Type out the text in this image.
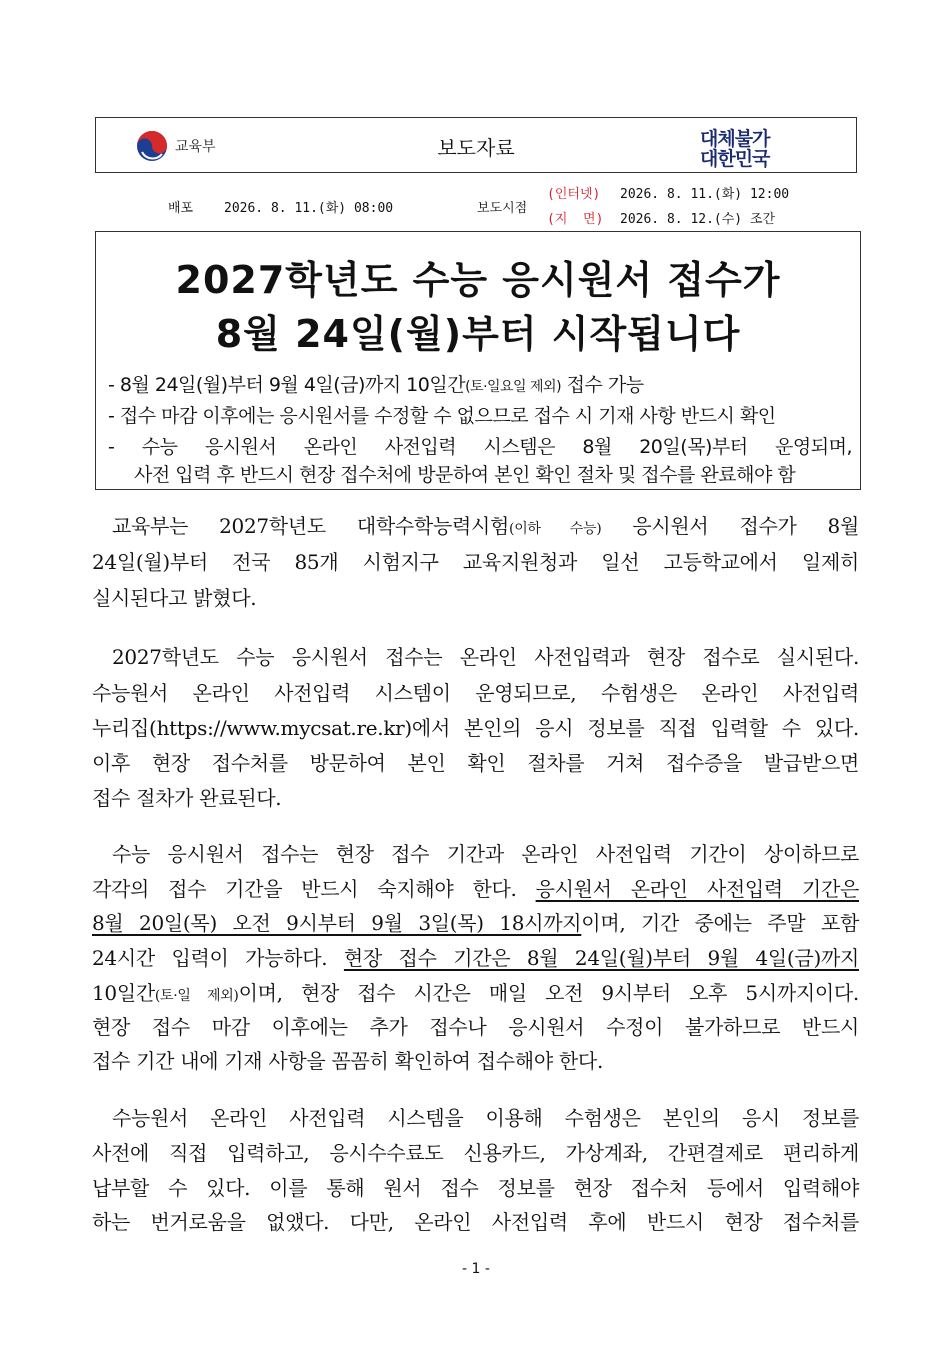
교육부	보도자료	대체불가
대한민국
배포 2026. 8. 11.(화) 08:00	보도시점
(인터넷) 2026. 8. 11.(화) 12:00
(지  면) 2026. 8. 12.(수) 조간
2027학년도 수능 응시원서 접수가
8월 24일(월)부터 시작됩니다
- 8월 24일(월)부터 9월 4일(금)까지 10일간(토·일요일 제외) 접수 가능
- 접수 마감 이후에는 응시원서를 수정할 수 없으므로 접수 시 기재 사항 반드시 확인
- 수능 응시원서 온라인 사전입력 시스템은 8월 20일(목)부터 운영되며,
사전 입력 후 반드시 현장 접수처에 방문하여 본인 확인 절차 및 접수를 완료해야 함
교육부는 2027학년도 대학수학능력시험(이하 수능) 응시원서 접수가 8월
24일(월)부터 전국 85개 시험지구 교육지원청과 일선 고등학교에서 일제히
실시된다고 밝혔다.
2027학년도 수능 응시원서 접수는 온라인 사전입력과 현장 접수로 실시된다.
수능원서 온라인 사전입력 시스템이 운영되므로, 수험생은 온라인 사전입력
누리집(https://www.mycsat.re.kr)에서 본인의 응시 정보를 직접 입력할 수 있다.
이후 현장 접수처를 방문하여 본인 확인 절차를 거쳐 접수증을 발급받으면
접수 절차가 완료된다.
수능 응시원서 접수는 현장 접수 기간과 온라인 사전입력 기간이 상이하므로
각각의 접수 기간을 반드시 숙지해야 한다. 응시원서 온라인 사전입력 기간은
8월 20일(목) 오전 9시부터 9월 3일(목) 18시까지이며, 기간 중에는 주말 포함
24시간 입력이 가능하다. 현장 접수 기간은 8월 24일(월)부터 9월 4일(금)까지
10일간(토·일 제외)이며, 현장 접수 시간은 매일 오전 9시부터 오후 5시까지이다.
현장 접수 마감 이후에는 추가 접수나 응시원서 수정이 불가하므로 반드시
접수 기간 내에 기재 사항을 꼼꼼히 확인하여 접수해야 한다.
수능원서 온라인 사전입력 시스템을 이용해 수험생은 본인의 응시 정보를
사전에 직접 입력하고, 응시수수료도 신용카드, 가상계좌, 간편결제로 편리하게
납부할 수 있다. 이를 통해 원서 접수 정보를 현장 접수처 등에서 입력해야
하는 번거로움을 없앴다. 다만, 온라인 사전입력 후에 반드시 현장 접수처를
- 1 -
